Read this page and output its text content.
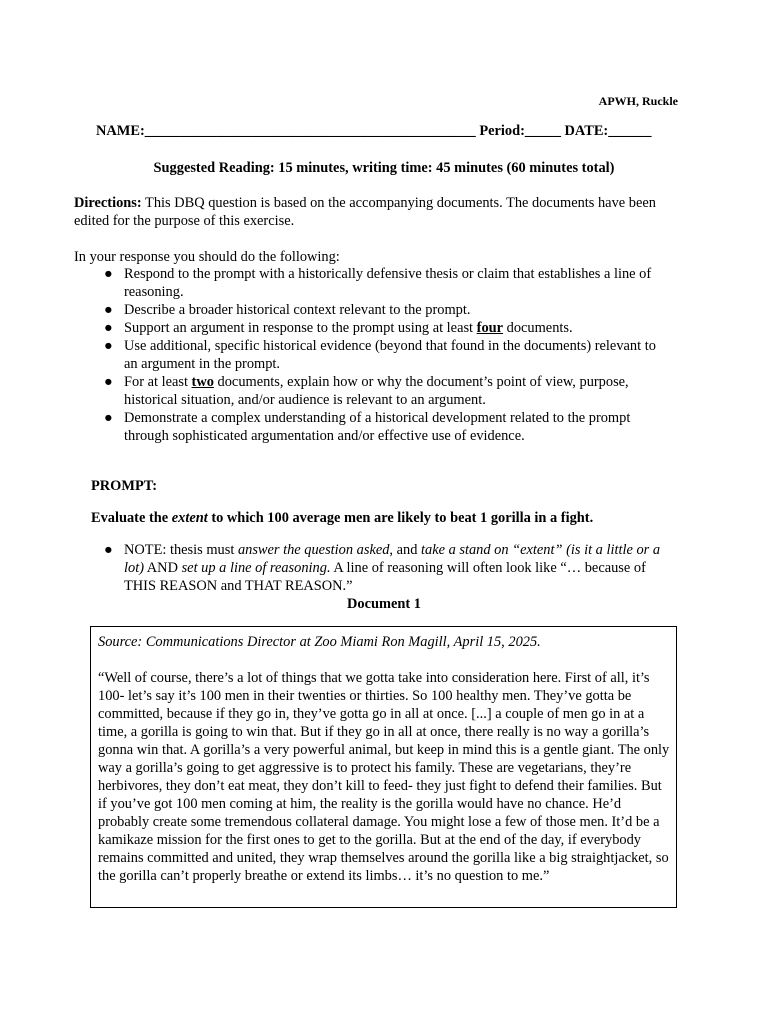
APWH, Ruckle
NAME:______________________________________________ Period:_____ DATE:______
Suggested Reading: 15 minutes, writing time: 45 minutes (60 minutes total)
Directions: This DBQ question is based on the accompanying documents. The documents have been edited for the purpose of this exercise.
In your response you should do the following:
● Respond to the prompt with a historically defensive thesis or claim that establishes a line of reasoning.
● Describe a broader historical context relevant to the prompt.
● Support an argument in response to the prompt using at least four documents.
● Use additional, specific historical evidence (beyond that found in the documents) relevant to an argument in the prompt.
● For at least two documents, explain how or why the document’s point of view, purpose, historical situation, and/or audience is relevant to an argument.
● Demonstrate a complex understanding of a historical development related to the prompt through sophisticated argumentation and/or effective use of evidence.
PROMPT:
Evaluate the extent to which 100 average men are likely to beat 1 gorilla in a fight.
● NOTE: thesis must answer the question asked, and take a stand on “extent” (is it a little or a lot) AND set up a line of reasoning. A line of reasoning will often look like “… because of THIS REASON and THAT REASON.”
Document 1
Source: Communications Director at Zoo Miami Ron Magill, April 15, 2025.
“Well of course, there’s a lot of things that we gotta take into consideration here. First of all, it’s 100- let’s say it’s 100 men in their twenties or thirties. So 100 healthy men. They’ve gotta be committed, because if they go in, they’ve gotta go in all at once. [...] a couple of men go in at a time, a gorilla is going to win that. But if they go in all at once, there really is no way a gorilla’s gonna win that. A gorilla’s a very powerful animal, but keep in mind this is a gentle giant. The only way a gorilla’s going to get aggressive is to protect his family. These are vegetarians, they’re herbivores, they don’t eat meat, they don’t kill to feed- they just fight to defend their families. But if you’ve got 100 men coming at him, the reality is the gorilla would have no chance. He’d probably create some tremendous collateral damage. You might lose a few of those men. It’d be a kamikaze mission for the first ones to get to the gorilla. But at the end of the day, if everybody remains committed and united, they wrap themselves around the gorilla like a big straightjacket, so the gorilla can’t properly breathe or extend its limbs… it’s no question to me.”
